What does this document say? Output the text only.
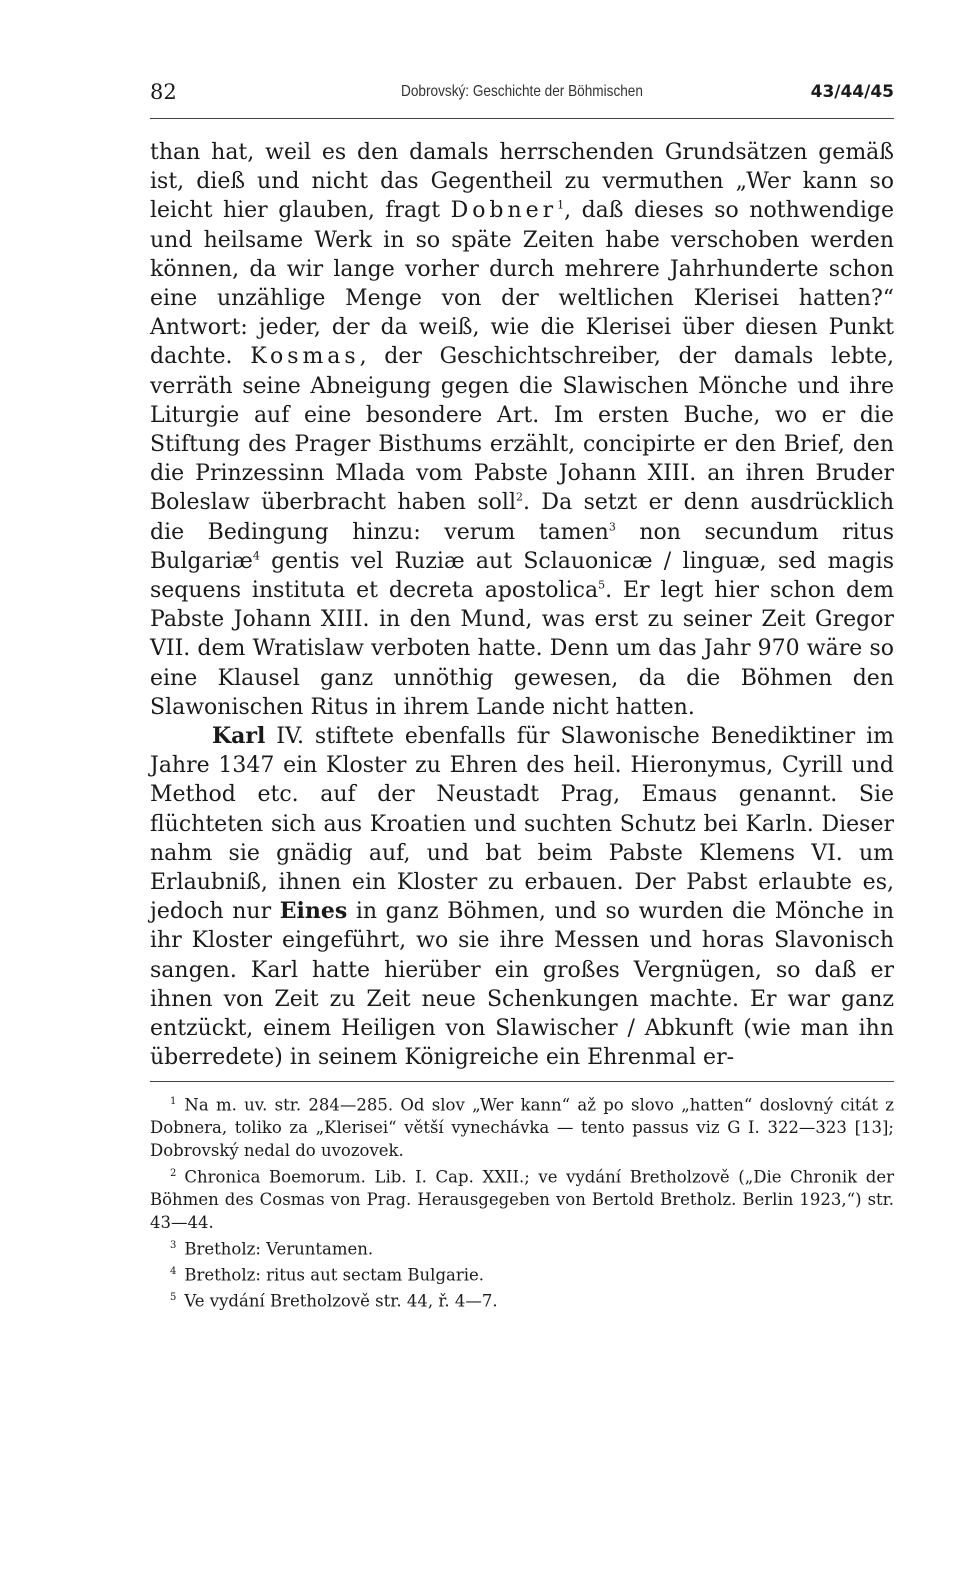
82	Dobrovský: Geschichte der Böhmischen	43/44/45

than hat, weil es den damals herrschenden Grundsätzen gemäß ist, dieß und nicht das Gegentheil zu vermuthen „Wer kann so leicht hier glauben, fragt Dobner$^1$, daß dieses so nothwendige und heilsame Werk in so späte Zeiten habe verschoben werden können, da wir lange vorher durch mehrere Jahrhunderte schon eine unzählige Menge von der weltlichen Klerisei hatten?“ Antwort: jeder, der da weiß, wie die Klerisei über diesen Punkt dachte. Kosmas, der Geschichtschreiber, der damals lebte, verräth seine Abneigung gegen die Slawischen Mönche und ihre Liturgie auf eine besondere Art. Im ersten Buche, wo er die Stiftung des Prager Bisthums erzählt, concipirte er den Brief, den die Prinzessinn Mlada vom Pabste Johann XIII. an ihren Bruder Boleslaw überbracht haben soll$^2$. Da setzt er denn ausdrücklich die Bedingung hinzu: verum tamen$^3$ non secundum ritus Bulgariæ$^4$ gentis vel Ruziæ aut Sclauonicæ / linguæ, sed magis sequens instituta et decreta apostolica$^5$. Er legt hier schon dem Pabste Johann XIII. in den Mund, was erst zu seiner Zeit Gregor VII. dem Wratislaw verboten hatte. Denn um das Jahr 970 wäre so eine Klausel ganz unnöthig gewesen, da die Böhmen den Slawonischen Ritus in ihrem Lande nicht hatten.

Karl IV. stiftete ebenfalls für Slawonische Benediktiner im Jahre 1347 ein Kloster zu Ehren des heil. Hieronymus, Cyrill und Method etc. auf der Neustadt Prag, Emaus genannt. Sie flüchteten sich aus Kroatien und suchten Schutz bei Karln. Dieser nahm sie gnädig auf, und bat beim Pabste Klemens VI. um Erlaubniß, ihnen ein Kloster zu erbauen. Der Pabst erlaubte es, jedoch nur Eines in ganz Böhmen, und so wurden die Mönche in ihr Kloster eingeführt, wo sie ihre Messen und horas Slavonisch sangen. Karl hatte hierüber ein großes Vergnügen, so daß er ihnen von Zeit zu Zeit neue Schenkungen machte. Er war ganz entzückt, einem Heiligen von Slawischer / Abkunft (wie man ihn überredete) in seinem Königreiche ein Ehrenmal er-

$^1$ Na m. uv. str. 284—285. Od slov „Wer kann“ až po slovo „hatten“ doslovný citát z Dobnera, toliko za „Klerisei“ větší vynechávka — tento passus viz G I. 322—323 [13]; Dobrovský nedal do uvozovek.

$^2$ Chronica Boemorum. Lib. I. Cap. XXII.; ve vydání Bretholzově („Die Chronik der Böhmen des Cosmas von Prag. Herausgegeben von Bertold Bretholz. Berlin 1923,“) str. 43—44.

$^3$ Bretholz: Veruntamen.

$^4$ Bretholz: ritus aut sectam Bulgarie.

$^5$ Ve vydání Bretholzově str. 44, ř. 4—7.
